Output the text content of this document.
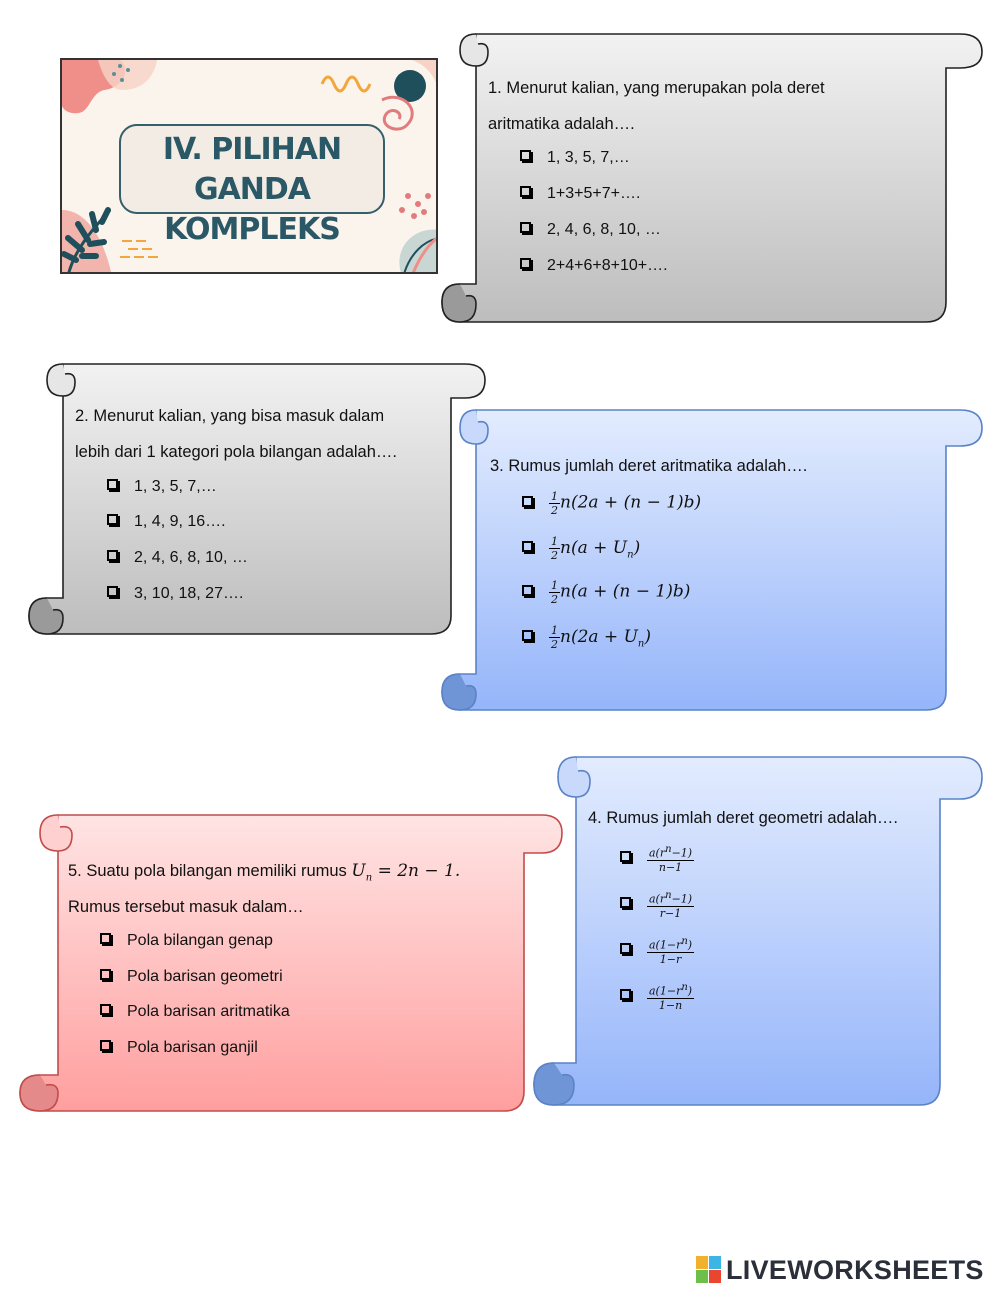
IV. PILIHAN GANDA
KOMPLEKS
1. Menurut kalian, yang merupakan pola deret
aritmatika adalah….
1, 3, 5, 7,…
1+3+5+7+….
2, 4, 6, 8, 10, …
2+4+6+8+10+….
2. Menurut kalian, yang bisa masuk dalam
lebih dari 1 kategori pola bilangan adalah….
1, 3, 5, 7,…
1, 4, 9, 16….
2, 4, 6, 8, 10, …
3, 10, 18, 27….
3. Rumus jumlah deret aritmatika adalah….
$\frac{1}{2} n(2a + (n - 1)b)$
$\frac{1}{2} n(a + U_n)$
$\frac{1}{2} n(a + (n - 1)b)$
$\frac{1}{2} n(2a + U_n)$
4. Rumus jumlah deret geometri adalah….
$\frac{a(r^n-1)}{n-1}$
$\frac{a(r^n-1)}{r-1}$
$\frac{a(1-r^n)}{1-r}$
$\frac{a(1-r^n)}{1-n}$
5. Suatu pola bilangan memiliki rumus $U_n = 2n - 1$.
Rumus tersebut masuk dalam…
Pola bilangan genap
Pola barisan geometri
Pola barisan aritmatika
Pola barisan ganjil
LIVEWORKSHEETS
